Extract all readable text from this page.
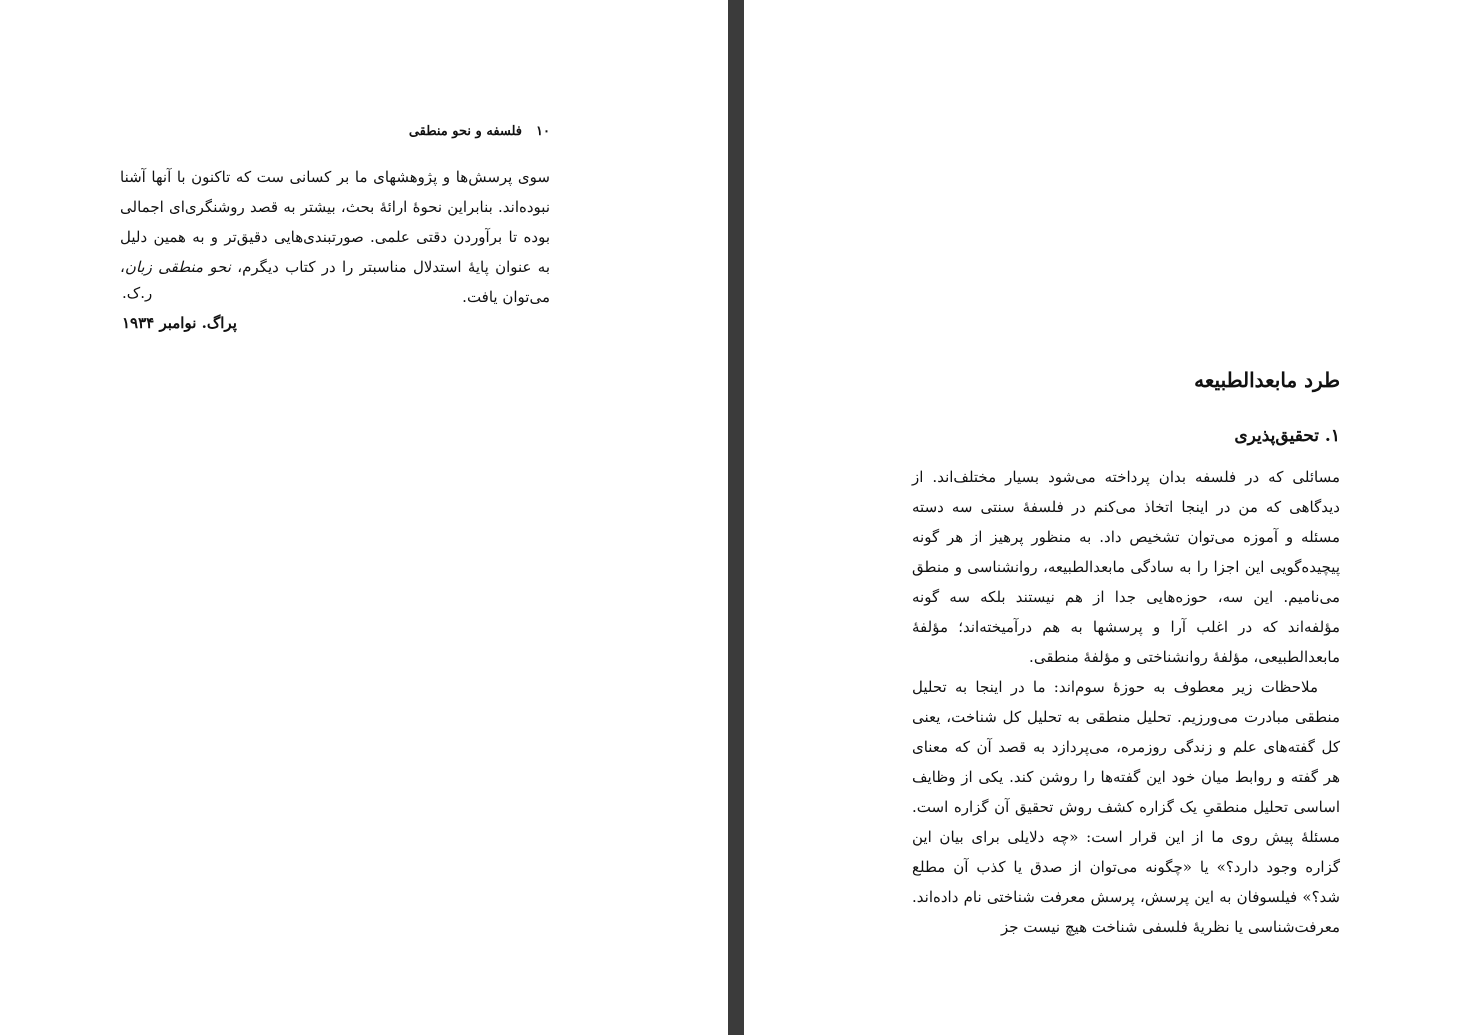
۱۰فلسفه و نحو منطقی

سوی پرسش‌ها و پژوهشهای ما بر کسانی ست که تاکنون با آنها آشنا نبوده‌اند. بنابراین نحوهٔ ارائهٔ بحث، بیشتر به قصد روشنگری‌ای اجمالی بوده تا برآوردن دقتی علمی. صورتبندی‌هایی دقیق‌تر و به همین دلیل به عنوان پایهٔ استدلال مناسبتر را در کتاب دیگرم، نحو منطقی زبان، می‌توان یافت.

ر.ک.
پراگ. نوامبر ۱۹۳۴
طرد مابعدالطبیعه
۱. تحقیق‌پذیری

مسائلی که در فلسفه بدان پرداخته می‌شود بسیار مختلف‌اند. از دیدگاهی که من در اینجا اتخاذ می‌کنم در فلسفهٔ سنتی سه دسته مسئله و آموزه می‌توان تشخیص داد. به منظور پرهیز از هر گونه پیچیده‌گویی این اجزا را به سادگی مابعدالطبیعه، روانشناسی و منطق می‌نامیم. این سه، حوزه‌هایی جدا از هم نیستند بلکه سه گونه مؤلفه‌اند که در اغلب آرا و پرسشها به هم درآمیخته‌اند؛ مؤلفهٔ مابعدالطبیعی، مؤلفهٔ روانشناختی و مؤلفهٔ منطقی.

ملاحظات زیر معطوف به حوزهٔ سوم‌اند: ما در اینجا به تحلیل منطقی مبادرت می‌ورزیم. تحلیل منطقی به تحلیل کل شناخت، یعنی کل گفته‌های علم و زندگی روزمره، می‌پردازد به قصد آن که معنای هر گفته و روابط میان خود این گفته‌ها را روشن کند. یکی از وظایف اساسی تحلیل منطقیِ یک گزاره کشف روش تحقیق آن گزاره است. مسئلهٔ پیش روی ما از این قرار است: «چه دلایلی برای بیان این گزاره وجود دارد؟» یا «چگونه می‌توان از صدق یا کذب آن مطلع شد؟» فیلسوفان به این پرسش، پرسش معرفت شناختی نام داده‌اند. معرفت‌شناسی یا نظریهٔ فلسفی شناخت هیچ نیست جز
